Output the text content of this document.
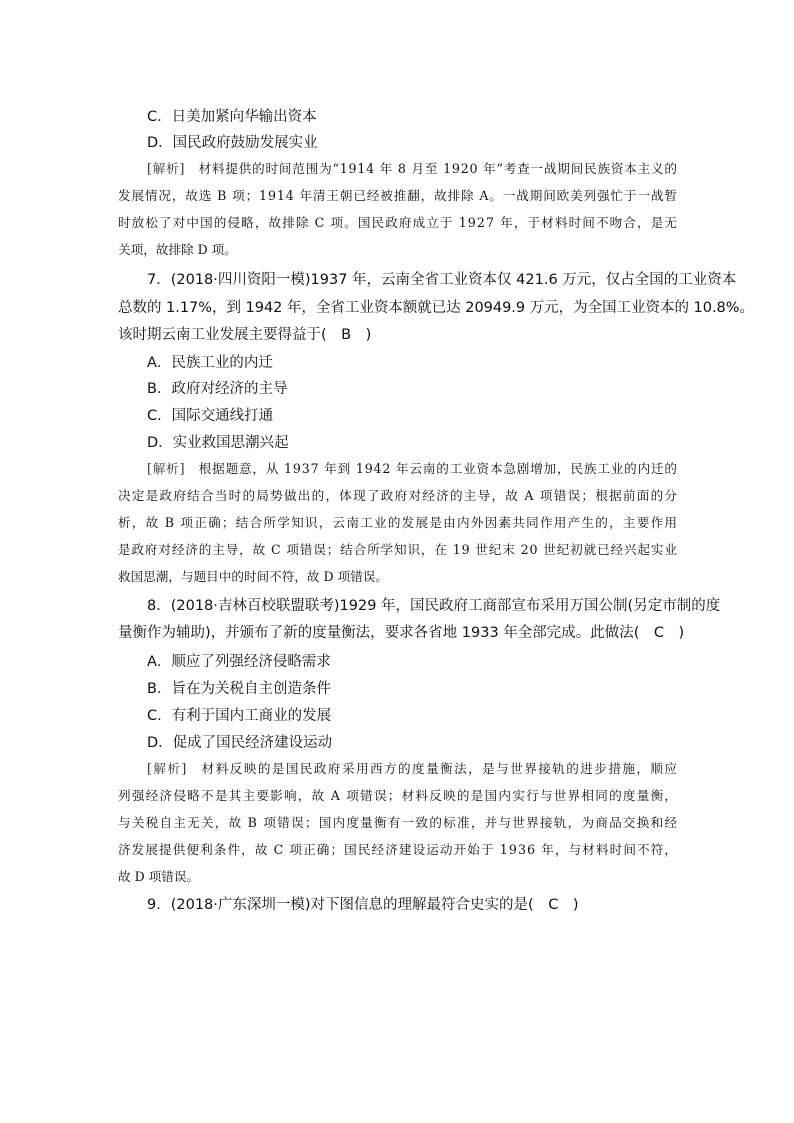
C．日美加紧向华输出资本
D．国民政府鼓励发展实业
[解析]　材料提供的时间范围为“1914 年 8 月至 1920 年”考查一战期间民族资本主义的
发展情况，故选 B 项；1914 年清王朝已经被推翻，故排除 A。一战期间欧美列强忙于一战暂
时放松了对中国的侵略，故排除 C 项。国民政府成立于 1927 年，于材料时间不吻合，是无
关项，故排除 D 项。
7．(2018·四川资阳一模)1937 年，云南全省工业资本仅 421.6 万元，仅占全国的工业资本
总数的 1.17%，到 1942 年，全省工业资本额就已达 20949.9 万元，为全国工业资本的 10.8%。
该时期云南工业发展主要得益于(　B　)
A．民族工业的内迁
B．政府对经济的主导
C．国际交通线打通
D．实业救国思潮兴起
[解析]　根据题意，从 1937 年到 1942 年云南的工业资本急剧增加，民族工业的内迁的
决定是政府结合当时的局势做出的，体现了政府对经济的主导，故 A 项错误；根据前面的分
析，故 B 项正确；结合所学知识，云南工业的发展是由内外因素共同作用产生的，主要作用
是政府对经济的主导，故 C 项错误；结合所学知识，在 19 世纪末 20 世纪初就已经兴起实业
救国思潮，与题目中的时间不符，故 D 项错误。
8．(2018·吉林百校联盟联考)1929 年，国民政府工商部宣布采用万国公制(另定市制的度
量衡作为辅助)，并颁布了新的度量衡法，要求各省地 1933 年全部完成。此做法(　C　)
A．顺应了列强经济侵略需求
B．旨在为关税自主创造条件
C．有利于国内工商业的发展
D．促成了国民经济建设运动
[解析]　材料反映的是国民政府采用西方的度量衡法，是与世界接轨的进步措施，顺应
列强经济侵略不是其主要影响，故 A 项错误；材料反映的是国内实行与世界相同的度量衡，
与关税自主无关，故 B 项错误；国内度量衡有一致的标准，并与世界接轨，为商品交换和经
济发展提供便利条件，故 C 项正确；国民经济建设运动开始于 1936 年，与材料时间不符，
故 D 项错误。
9．(2018·广东深圳一模)对下图信息的理解最符合史实的是(　C　)
